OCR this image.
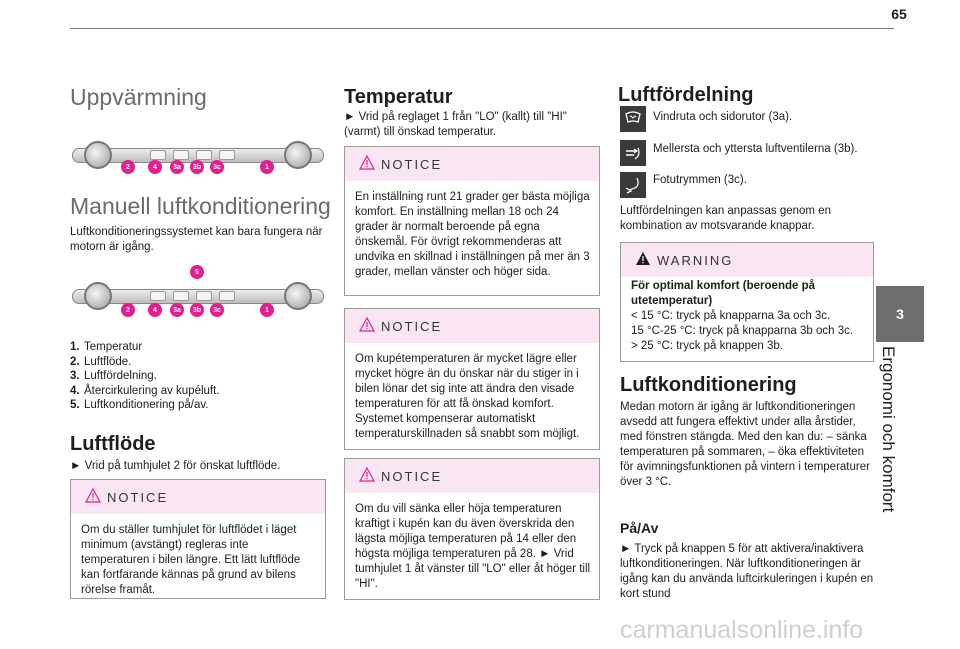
65
3
Ergonomi och komfort
Uppvärmning
2	4	3a	3b	3c	1
Manuell luftkonditionering
Luftkonditioneringssystemet kan bara fungera när motorn är igång.
5
2	4	3a	3b	3c	1

1. Temperatur

2. Luftflöde.

3. Luftfördelning.

4. Återcirkulering av kupéluft.

5. Luftkonditionering på/av.

Luftflöde
► Vrid på tumhjulet 2 för önskat luftflöde.
NOTICE
Om du ställer tumhjulet för luftflödet i läget minimum (avstängt) regleras inte temperaturen i bilen längre. Ett lätt luftflöde kan fortfarande kännas på grund av bilens rörelse framåt.
Temperatur
► Vrid på reglaget 1 från "LO" (kallt) till "HI" (varmt) till önskad temperatur.
NOTICE
En inställning runt 21 grader ger bästa möjliga komfort. En inställning mellan 18 och 24 grader är normalt beroende på egna önskemål. För övrigt rekommenderas att undvika en skillnad i inställningen på mer än 3 grader, mellan vänster och höger sida.
NOTICE
Om kupétemperaturen är mycket lägre eller mycket högre än du önskar när du stiger in i bilen lönar det sig inte att ändra den visade temperaturen för att få önskad komfort. Systemet kompenserar automatiskt temperaturskillnaden så snabbt som möjligt.
NOTICE
Om du vill sänka eller höja temperaturen kraftigt i kupén kan du även överskrida den lägsta möjliga temperaturen på 14 eller den högsta möjliga temperaturen på 28. ► Vrid tumhjulet 1 åt vänster till "LO" eller åt höger till "HI".
Luftfördelning
Vindruta och sidorutor (3a).
Mellersta och yttersta luftventilerna (3b).
Fotutrymmen (3c).
Luftfördelningen kan anpassas genom en kombination av motsvarande knappar.
WARNING
För optimal komfort (beroende på utetemperatur)
< 15 °C: tryck på knapparna 3a och 3c.
15 °C-25 °C: tryck på knapparna 3b och 3c.
> 25 °C: tryck på knappen 3b.
Luftkonditionering
Medan motorn är igång är luftkonditioneringen avsedd att fungera effektivt under alla årstider, med fönstren stängda. Med den kan du: – sänka temperaturen på sommaren, – öka effektiviteten för avimningsfunktionen på vintern i temperaturer över 3 °C.
På/Av
► Tryck på knappen 5 för att aktivera/inaktivera luftkonditioneringen. När luftkonditioneringen är igång kan du använda luftcirkuleringen i kupén en kort stund
carmanualsonline.info
